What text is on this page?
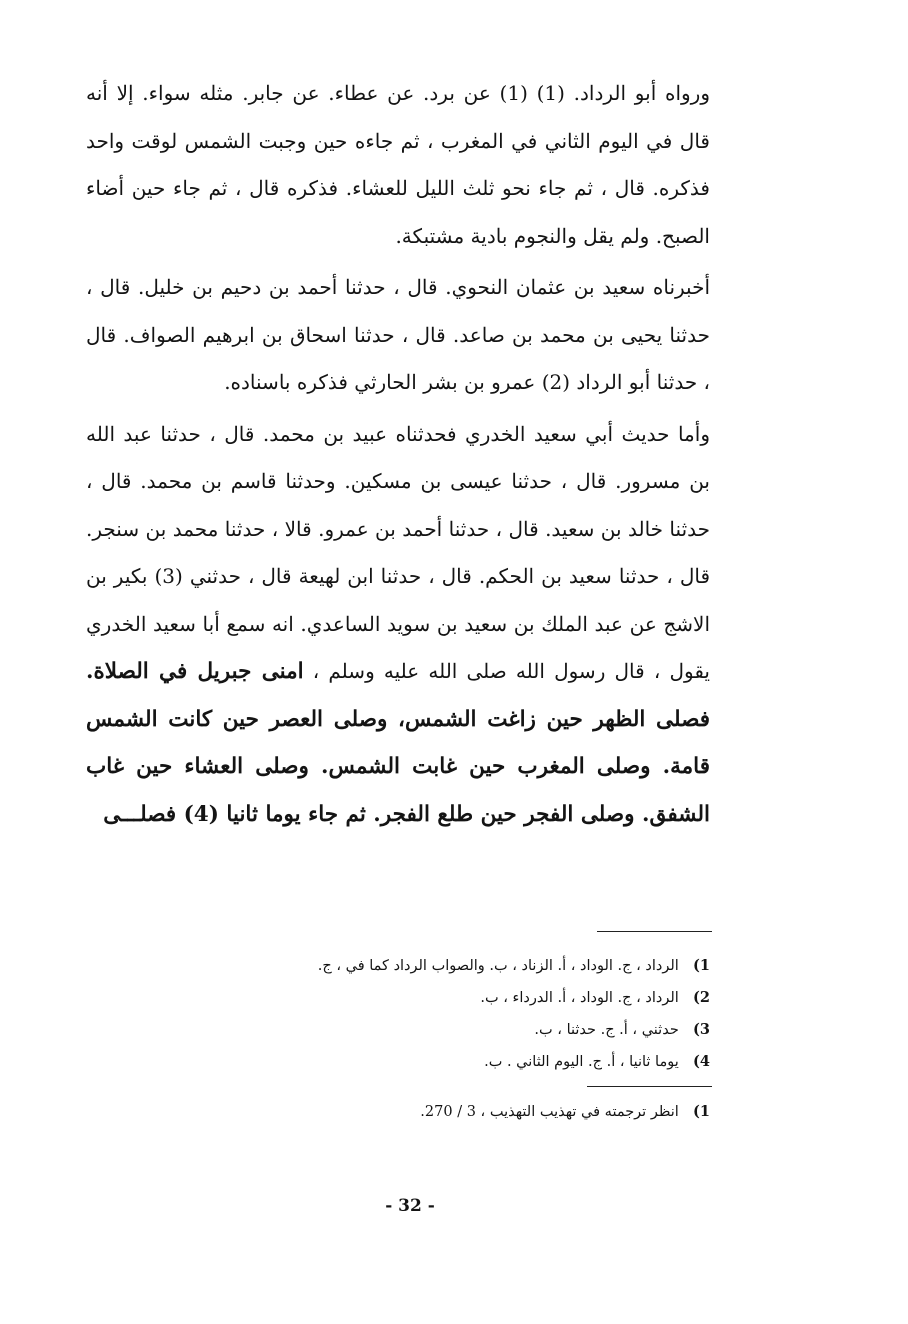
ورواه أبو الرداد. (1) (1) عن برد. عن عطاء. عن جابر. مثله سواء. إلا أنه قال في اليوم الثاني في المغرب ، ثم جاءه حين وجبت الشمس لوقت واحد فذكره. قال ، ثم جاء نحو ثلث الليل للعشاء. فذكره قال ، ثم جاء حين أضاء الصبح. ولم يقل والنجوم بادية مشتبكة.

أخبرناه سعيد بن عثمان النحوي. قال ، حدثنا أحمد بن دحيم بن خليل. قال ، حدثنا يحيى بن محمد بن صاعد. قال ، حدثنا اسحاق بن ابرهيم الصواف. قال ، حدثنا أبو الرداد (2) عمرو بن بشر الحارثي فذكره باسناده.

وأما حديث أبي سعيد الخدري فحدثناه عبيد بن محمد. قال ، حدثنا عبد الله بن مسرور. قال ، حدثنا عيسى بن مسكين. وحدثنا قاسم بن محمد. قال ، حدثنا خالد بن سعيد. قال ، حدثنا أحمد بن عمرو. قالا ، حدثنا محمد بن سنجر. قال ، حدثنا سعيد بن الحكم. قال ، حدثنا ابن لهيعة قال ، حدثني (3) بكير بن الاشج عن عبد الملك بن سعيد بن سويد الساعدي. انه سمع أبا سعيد الخدري يقول ، قال رسول الله صلى الله عليه وسلم ، امنى جبريل في الصلاة. فصلى الظهر حين زاغت الشمس، وصلى العصر حين كانت الشمس قامة. وصلى المغرب حين غابت الشمس. وصلى العشاء حين غاب الشفق. وصلى الفجر حين طلع الفجر. ثم جاء يوما ثانيا (4) فصلـــى

1)  الرداد ، ج. الوداد ، أ. الزناد ، ب. والصواب الرداد كما في ، ج.
2)  الرداد ، ج. الوداد ، أ. الدرداء ، ب.
3)  حدثني ، أ. ج. حدثنا ، ب.
4)  يوما ثانيا ، أ. ج. اليوم الثاني . ب.
1)  انظر ترجمته في تهذيب التهذيب ، 3 / 270.
- 32 -
